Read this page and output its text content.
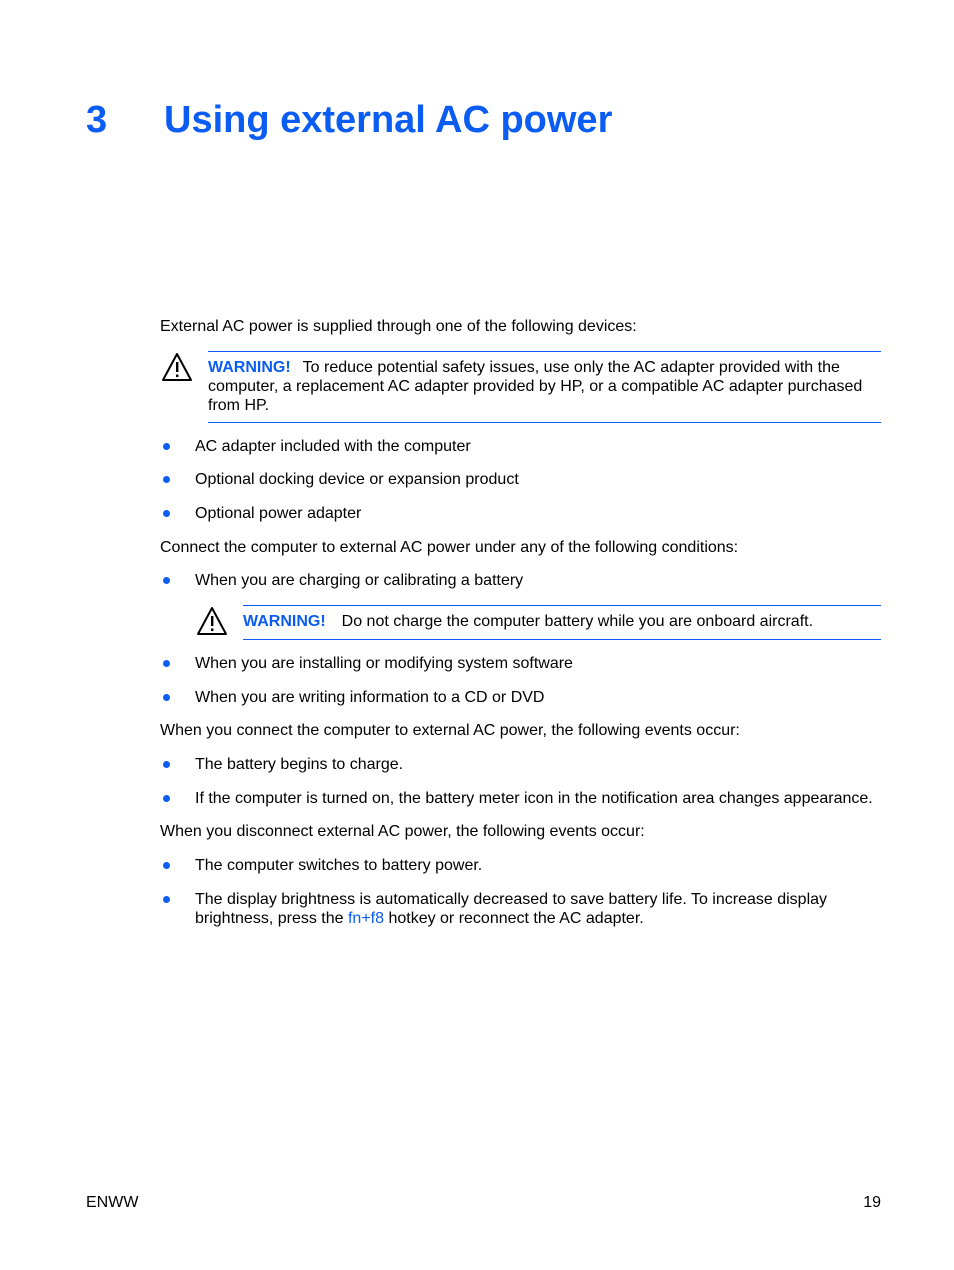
3 Using external AC power
External AC power is supplied through one of the following devices:
WARNING! To reduce potential safety issues, use only the AC adapter provided with the computer, a replacement AC adapter provided by HP, or a compatible AC adapter purchased from HP.
AC adapter included with the computer
Optional docking device or expansion product
Optional power adapter
Connect the computer to external AC power under any of the following conditions:
When you are charging or calibrating a battery
WARNING! Do not charge the computer battery while you are onboard aircraft.
When you are installing or modifying system software
When you are writing information to a CD or DVD
When you connect the computer to external AC power, the following events occur:
The battery begins to charge.
If the computer is turned on, the battery meter icon in the notification area changes appearance.
When you disconnect external AC power, the following events occur:
The computer switches to battery power.
The display brightness is automatically decreased to save battery life. To increase display brightness, press the fn+f8 hotkey or reconnect the AC adapter.
ENWW	19
